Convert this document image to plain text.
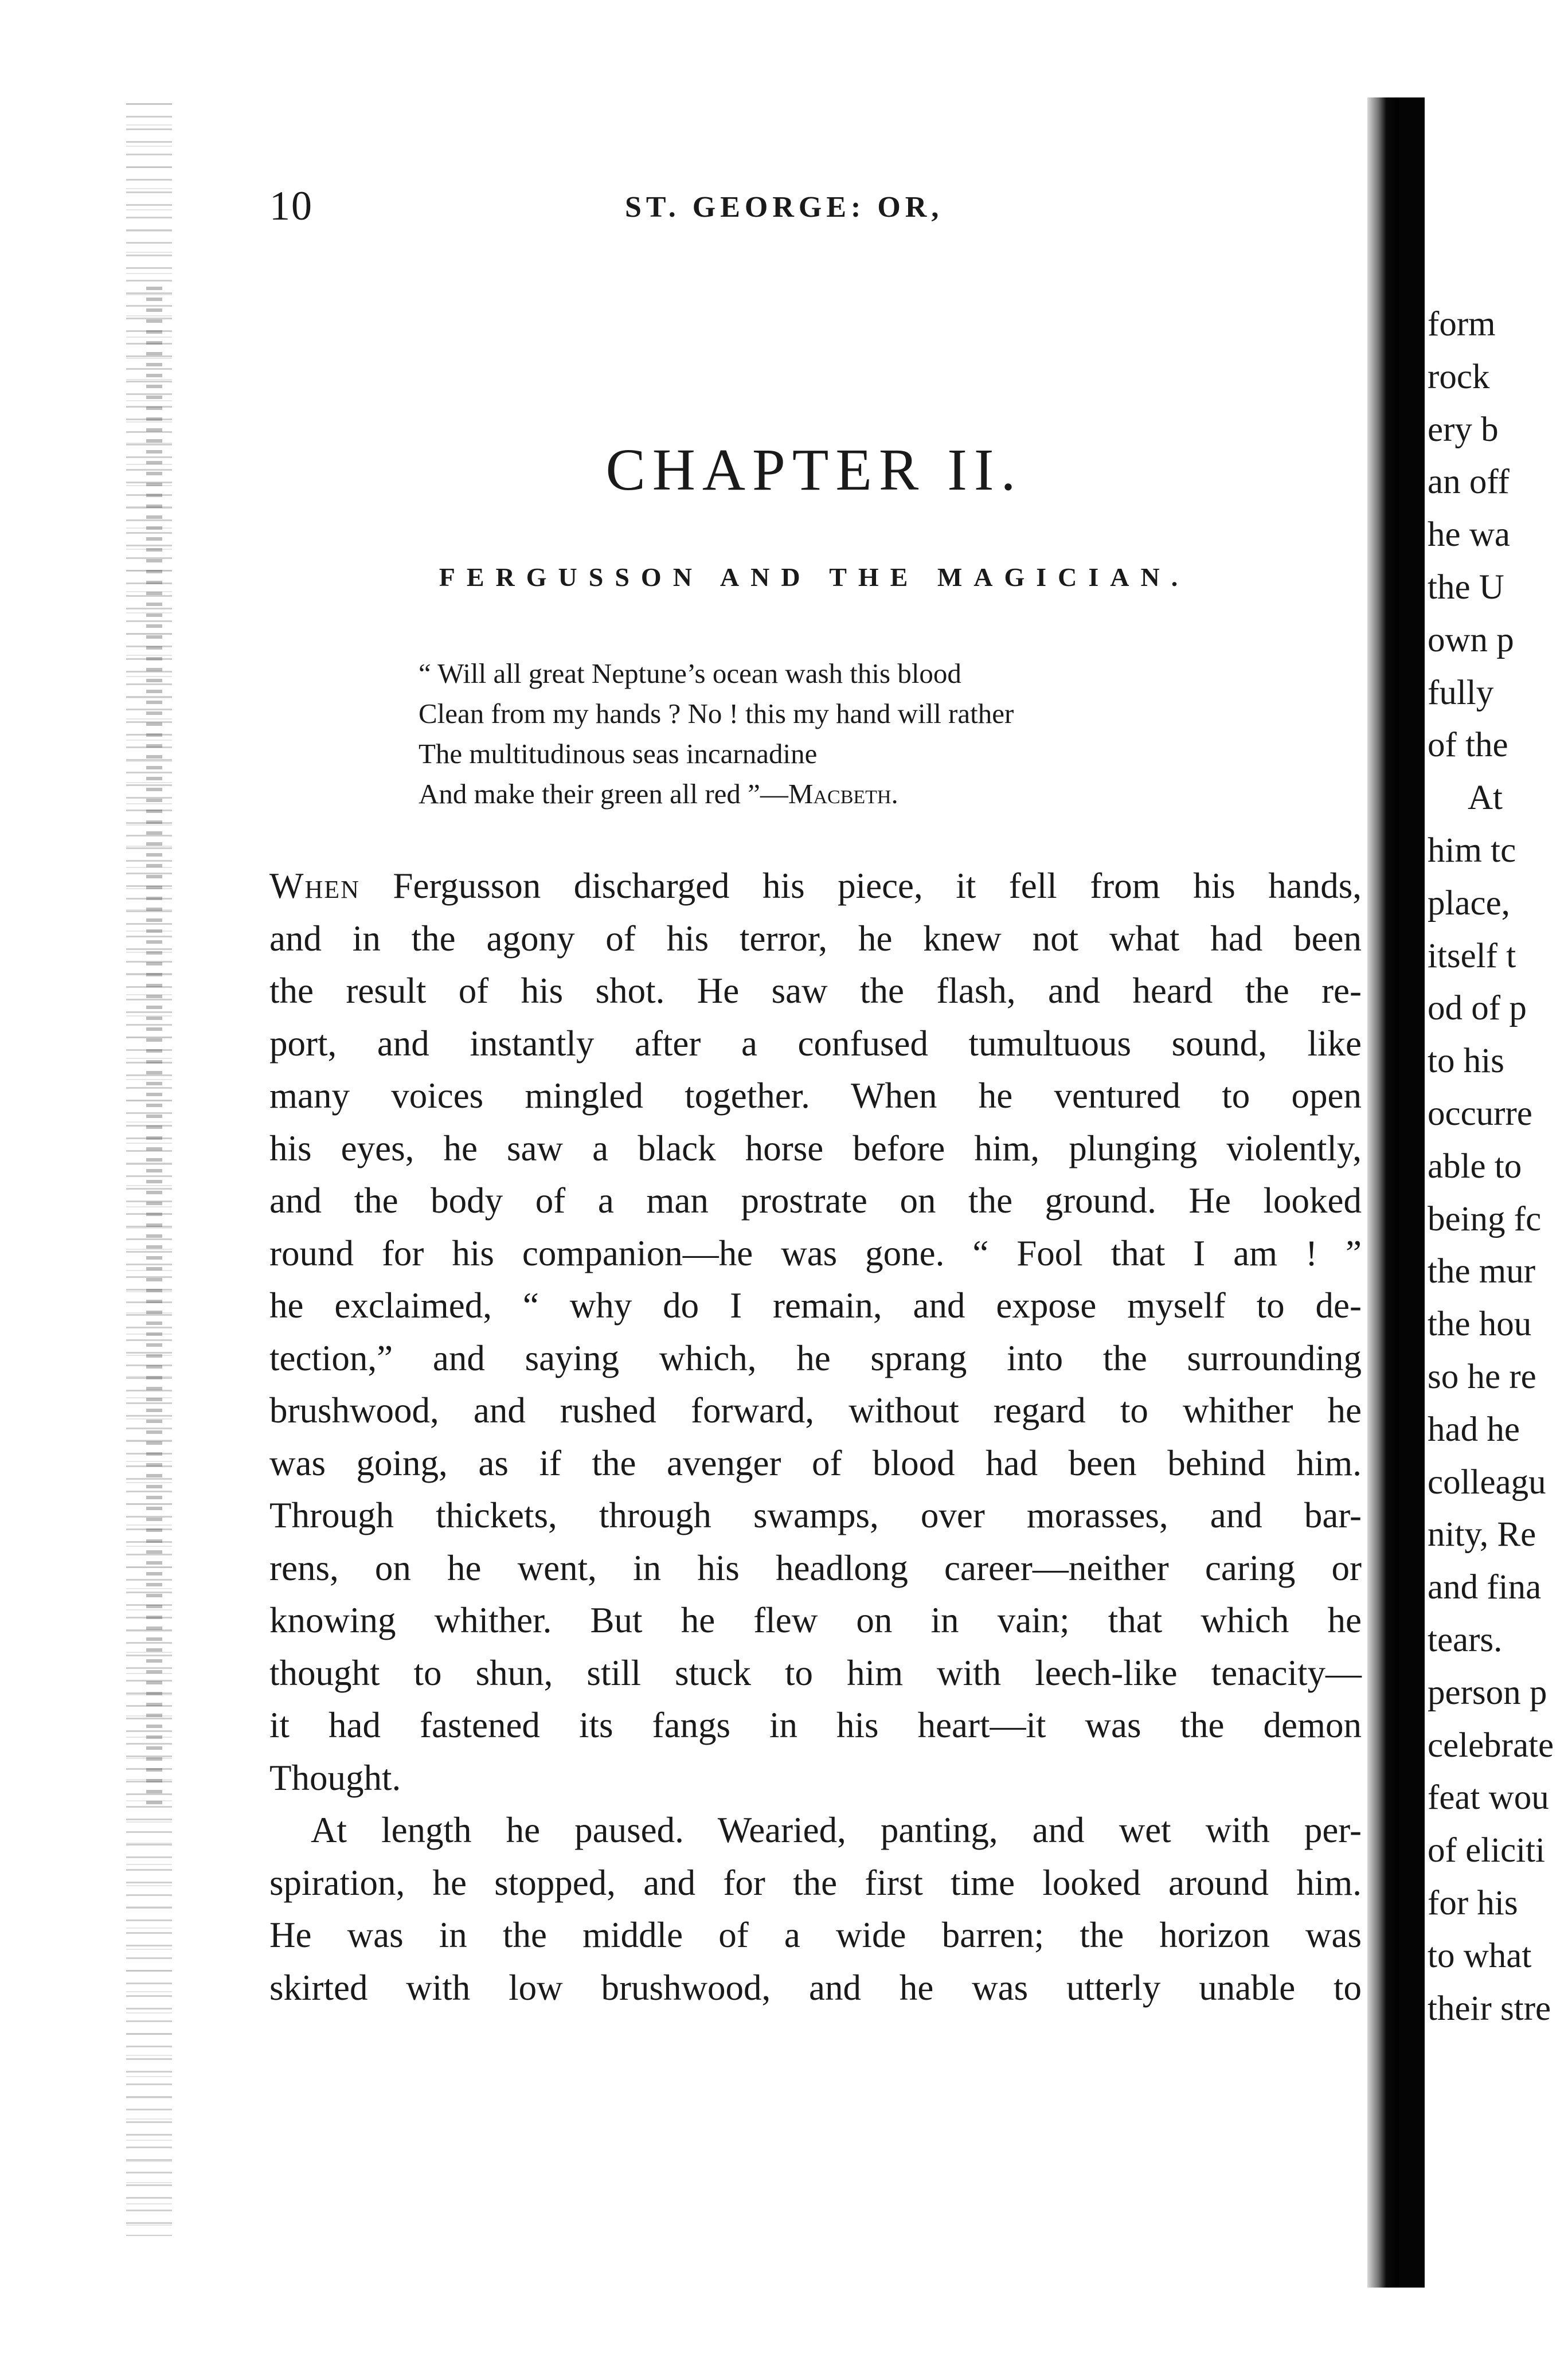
10	ST. GEORGE: OR,
CHAPTER II.
FERGUSSON AND THE MAGICIAN.
“ Will all great Neptune’s ocean wash this blood
Clean from my hands ? No ! this my hand will rather
The multitudinous seas incarnadine
And make their green all red ”—Macbeth.
When Fergusson discharged his piece, it fell from his hands,
and in the agony of his terror, he knew not what had been
the result of his shot. He saw the flash, and heard the re-
port, and instantly after a confused tumultuous sound, like
many voices mingled together. When he ventured to open
his eyes, he saw a black horse before him, plunging violently,
and the body of a man prostrate on the ground. He looked
round for his companion—he was gone. “ Fool that I am ! ”
he exclaimed, “ why do I remain, and expose myself to de-
tection,” and saying which, he sprang into the surrounding
brushwood, and rushed forward, without regard to whither he
was going, as if the avenger of blood had been behind him.
Through thickets, through swamps, over morasses, and bar-
rens, on he went, in his headlong career—neither caring or
knowing whither. But he flew on in vain; that which he
thought to shun, still stuck to him with leech-like tenacity—
it had fastened its fangs in his heart—it was the demon
Thought.
At length he paused. Wearied, panting, and wet with per-
spiration, he stopped, and for the first time looked around him.
He was in the middle of a wide barren; the horizon was
skirted with low brushwood, and he was utterly unable to
form
rock
ery b
an off
he wa
the U
own p
fully
of the
At
him tc
place,
itself t
od of p
to his
occurre
able to
being fc
the mur
the hou
so he re
had he
colleagu
nity, Re
and fina
tears.
person p
celebrate
feat wou
of eliciti
for his
to what
their stre
